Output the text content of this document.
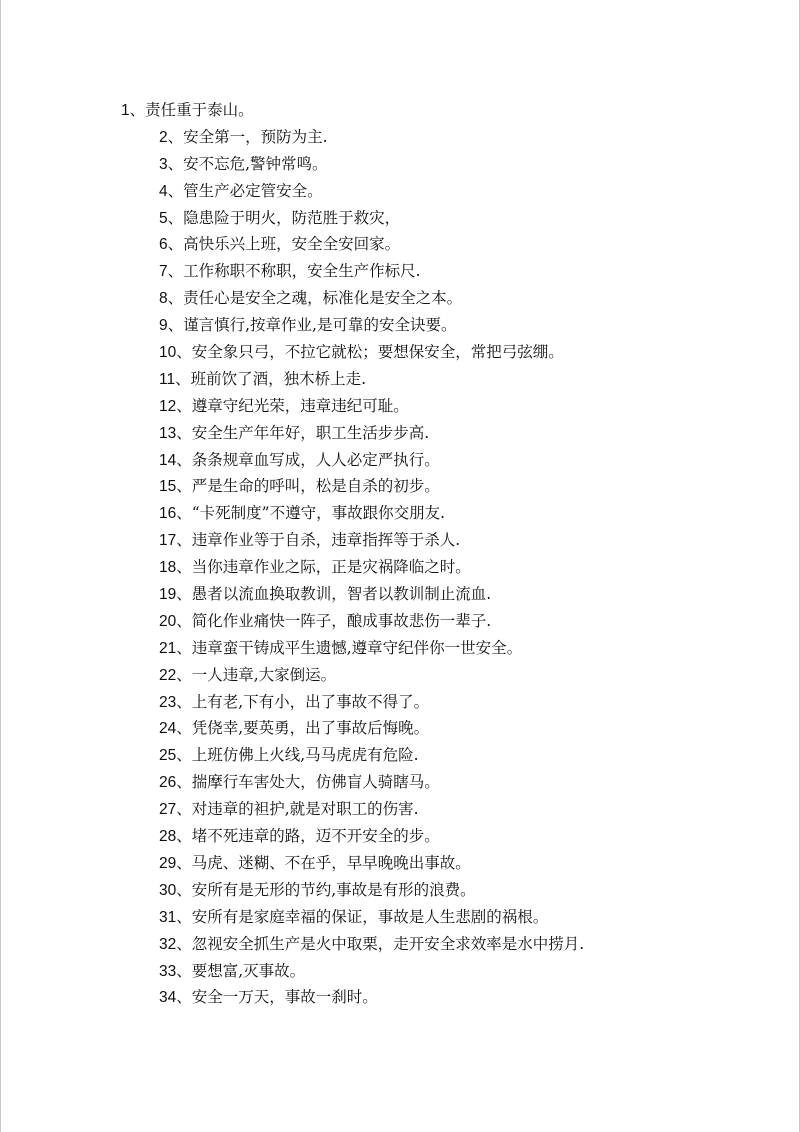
1、责任重于泰山。
2、安全第一，预防为主.
3、安不忘危,警钟常鸣。
4、管生产必定管安全。
5、隐患险于明火，防范胜于救灾，
6、高快乐兴上班，安全全安回家。
7、工作称职不称职，安全生产作标尺.
8、责任心是安全之魂，标准化是安全之本。
9、谨言慎行,按章作业,是可靠的安全诀要。
10、安全象只弓，不拉它就松；要想保安全，常把弓弦绷。
11、班前饮了酒，独木桥上走.
12、遵章守纪光荣，违章违纪可耻。
13、安全生产年年好，职工生活步步高.
14、条条规章血写成，人人必定严执行。
15、严是生命的呼叫，松是自杀的初步。
16、“卡死制度”不遵守，事故跟你交朋友.
17、违章作业等于自杀，违章指挥等于杀人.
18、当你违章作业之际，正是灾祸降临之时。
19、愚者以流血换取教训，智者以教训制止流血.
20、简化作业痛快一阵子，酿成事故悲伤一辈子.
21、违章蛮干铸成平生遗憾,遵章守纪伴你一世安全。
22、一人违章,大家倒运。
23、上有老,下有小，出了事故不得了。
24、凭侥幸,要英勇，出了事故后悔晚。
25、上班仿佛上火线,马马虎虎有危险.
26、揣摩行车害处大，仿佛盲人骑瞎马。
27、对违章的袒护,就是对职工的伤害.
28、堵不死违章的路，迈不开安全的步。
29、马虎、迷糊、不在乎，早早晚晚出事故。
30、安所有是无形的节约,事故是有形的浪费。
31、安所有是家庭幸福的保证，事故是人生悲剧的祸根。
32、忽视安全抓生产是火中取栗，走开安全求效率是水中捞月.
33、要想富,灭事故。
34、安全一万天，事故一刹时。
